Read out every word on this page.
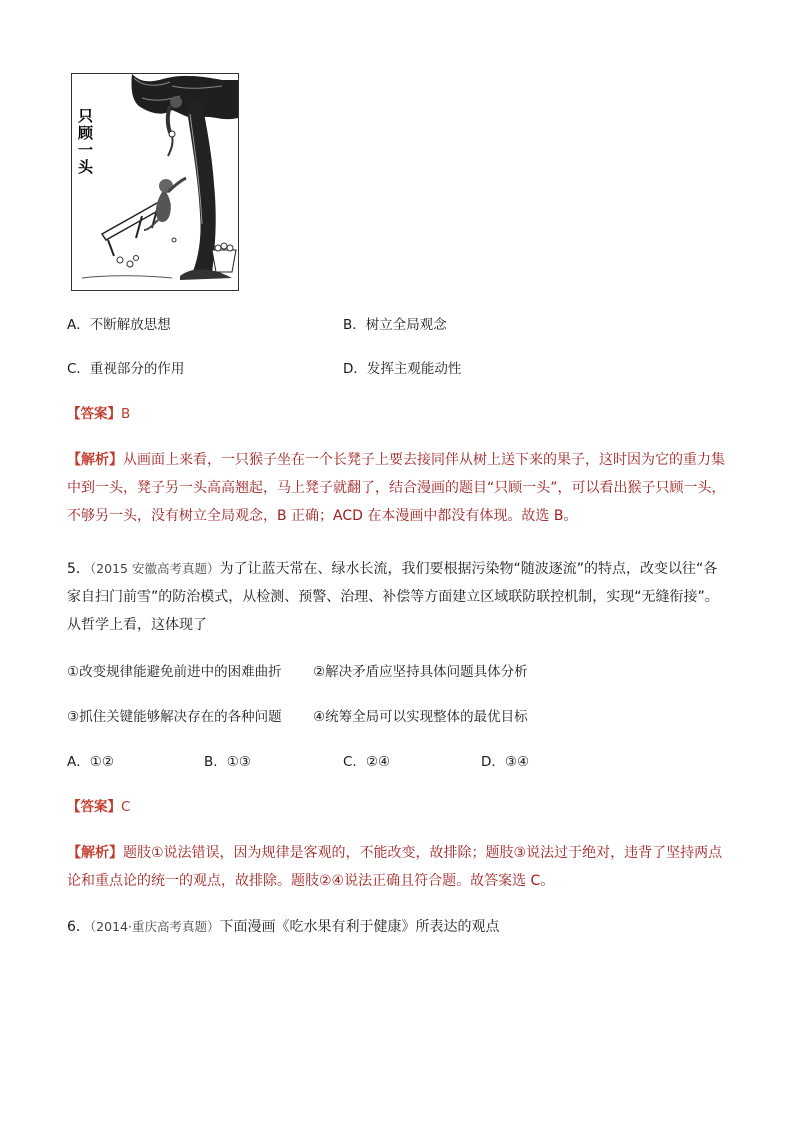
只顾一头
A．不断解放思想	B．树立全局观念
C．重视部分的作用	D．发挥主观能动性
【答案】B
【解析】从画面上来看，一只猴子坐在一个长凳子上要去接同伴从树上送下来的果子，这时因为它的重力集中到一头，凳子另一头高高翘起，马上凳子就翻了，结合漫画的题目“只顾一头”，可以看出猴子只顾一头，不够另一头，没有树立全局观念，B 正确；ACD 在本漫画中都没有体现。故选 B。
5．（2015 安徽高考真题）为了让蓝天常在、绿水长流，我们要根据污染物“随波逐流”的特点，改变以往“各家自扫门前雪”的防治模式，从检测、预警、治理、补偿等方面建立区域联防联控机制，实现“无缝衔接”。从哲学上看，这体现了
①改变规律能避免前进中的困难曲折 ②解决矛盾应坚持具体问题具体分析
③抓住关键能够解决存在的各种问题 ④统筹全局可以实现整体的最优目标
A．①②	B．①③	C．②④	D．③④
【答案】C
【解析】题肢①说法错误，因为规律是客观的，不能改变，故排除；题肢③说法过于绝对，违背了坚持两点论和重点论的统一的观点，故排除。题肢②④说法正确且符合题。故答案选 C。
6．（2014·重庆高考真题）下面漫画《吃水果有利于健康》所表达的观点
